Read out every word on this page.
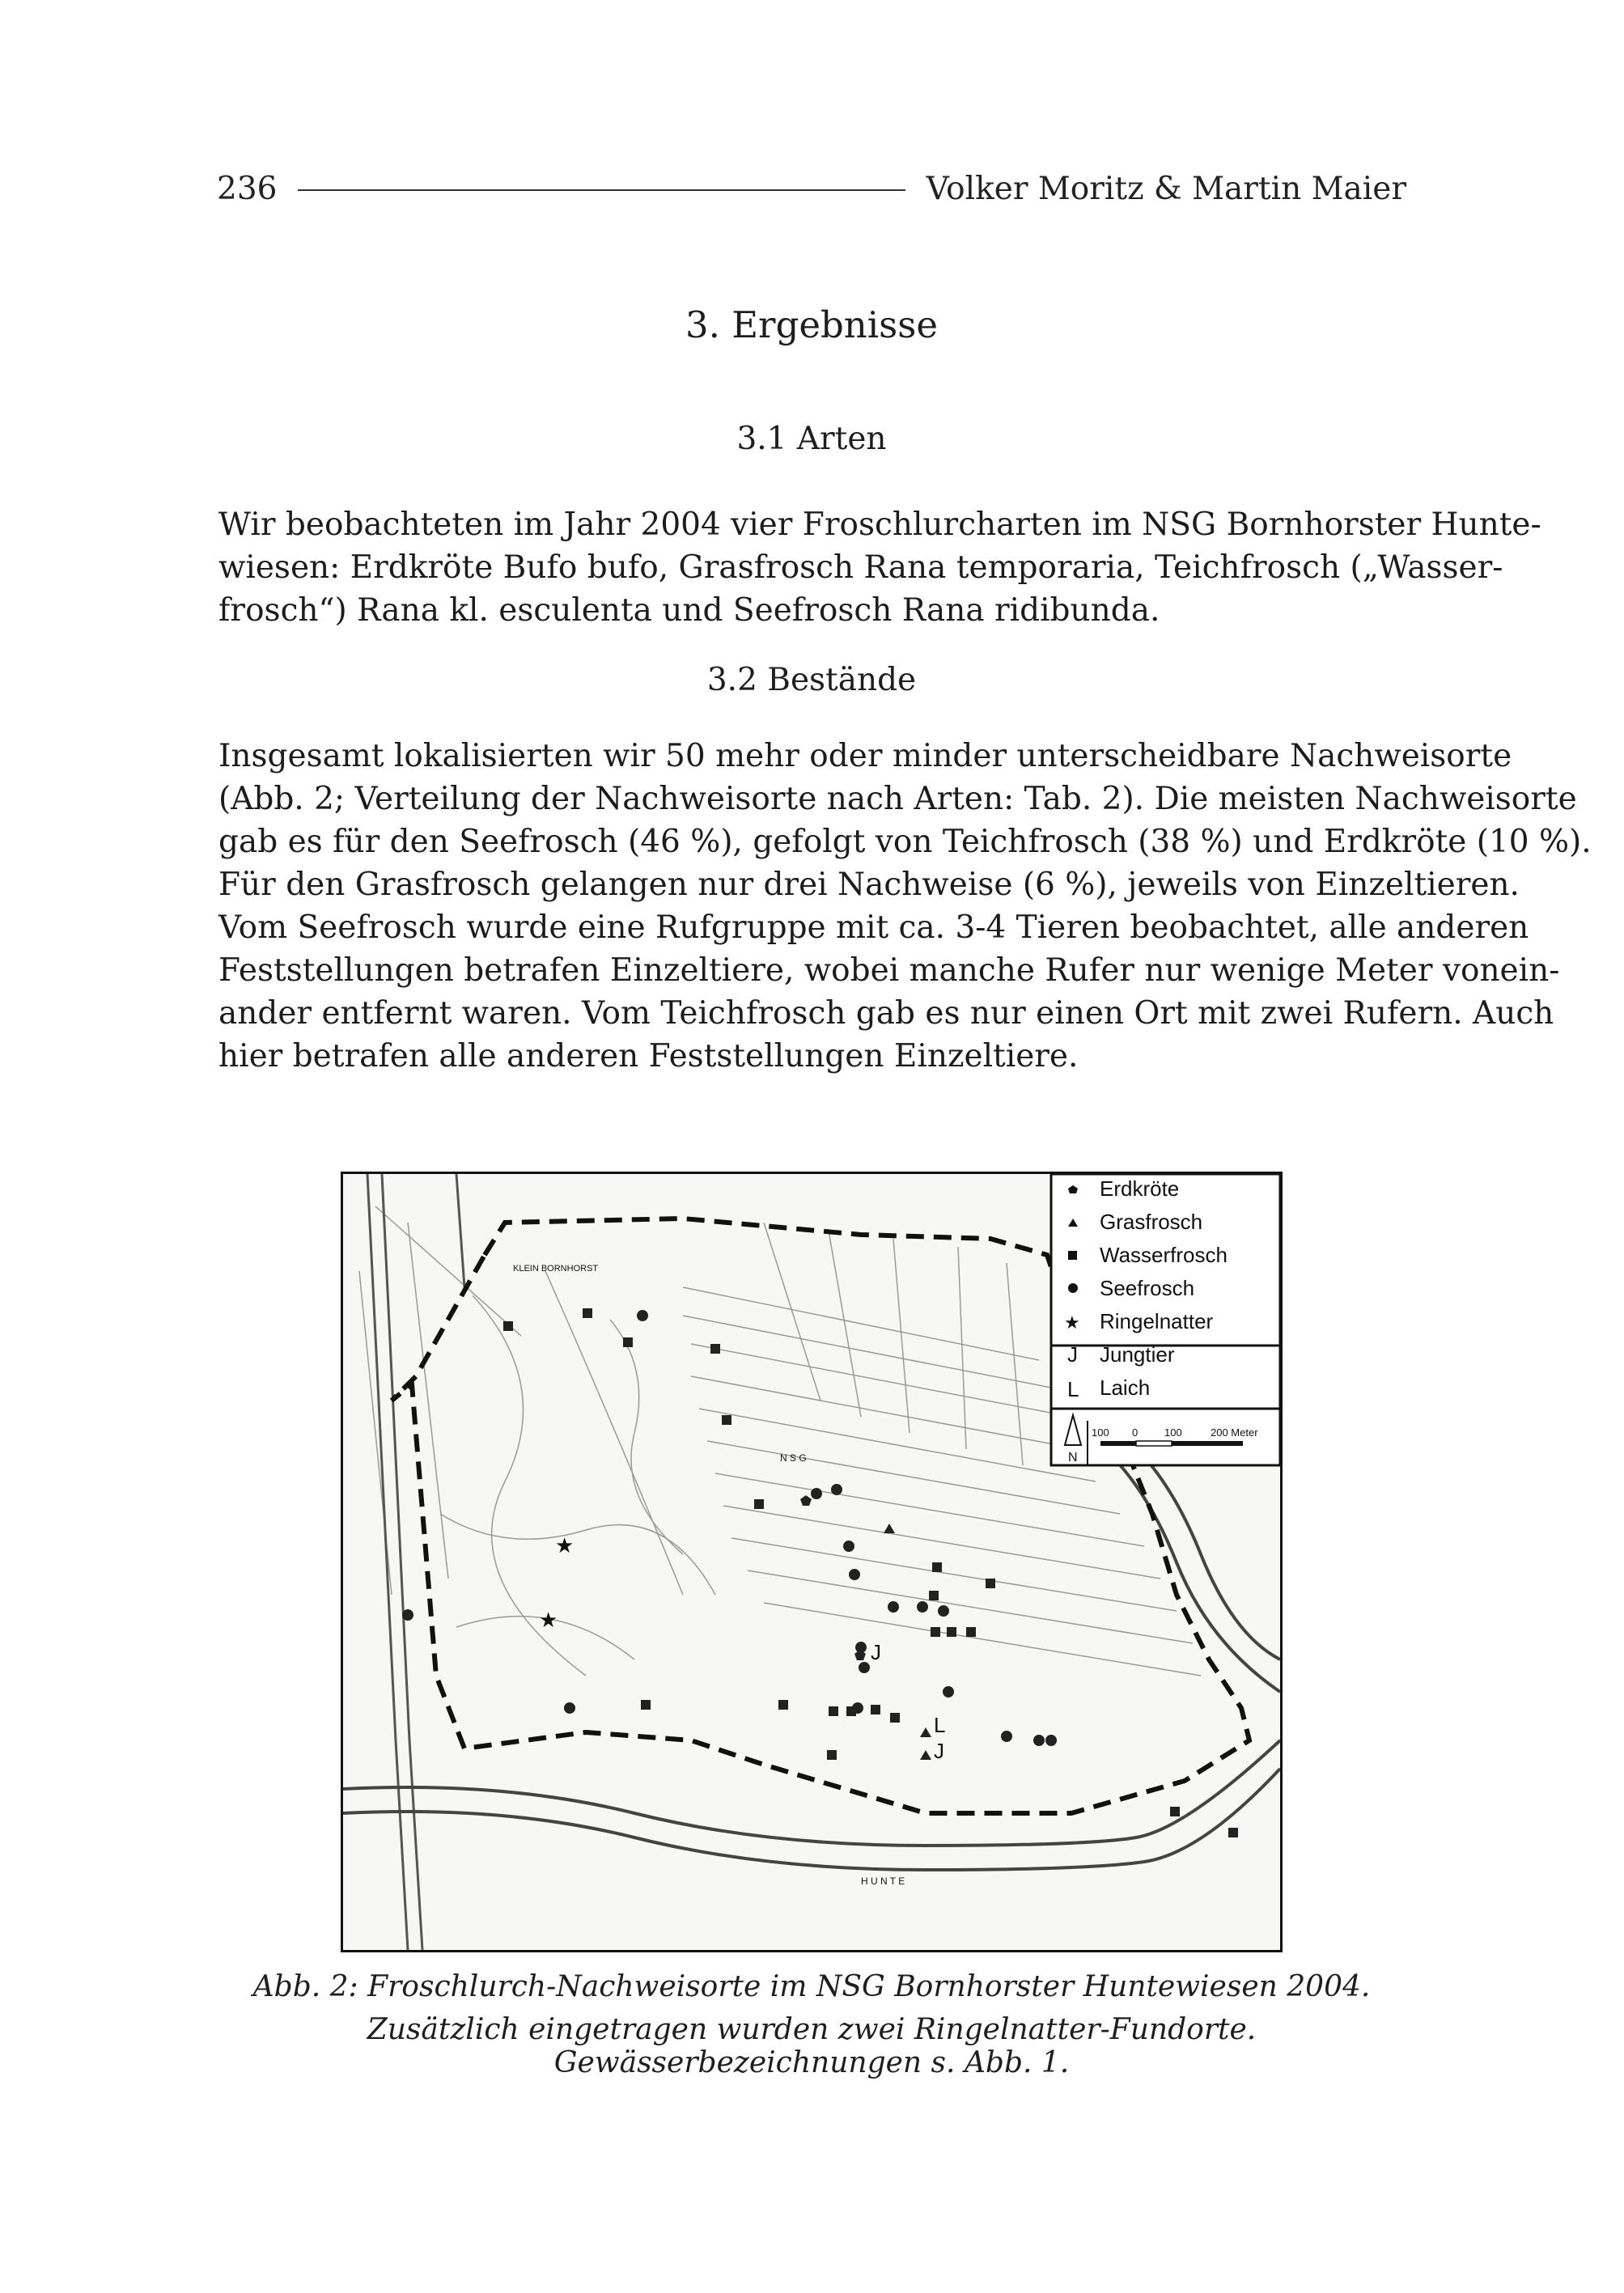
236	Volker Moritz & Martin Maier
3. Ergebnisse
3.1 Arten
Wir beobachteten im Jahr 2004 vier Froschlurcharten im NSG Bornhorster Hunte-
wiesen: Erdkröte Bufo bufo, Grasfrosch Rana temporaria, Teichfrosch („Wasser-
frosch“) Rana kl. esculenta und Seefrosch Rana ridibunda.
3.2 Bestände
Insgesamt lokalisierten wir 50 mehr oder minder unterscheidbare Nachweisorte
(Abb. 2; Verteilung der Nachweisorte nach Arten: Tab. 2). Die meisten Nachweisorte
gab es für den Seefrosch (46 %), gefolgt von Teichfrosch (38 %) und Erdkröte (10 %).
Für den Grasfrosch gelangen nur drei Nachweise (6 %), jeweils von Einzeltieren.
Vom Seefrosch wurde eine Rufgruppe mit ca. 3-4 Tieren beobachtet, alle anderen
Feststellungen betrafen Einzeltiere, wobei manche Rufer nur wenige Meter vonein-
ander entfernt waren. Vom Teichfrosch gab es nur einen Ort mit zwei Rufern. Auch
hier betrafen alle anderen Feststellungen Einzeltiere.
KLEIN BORNHORST
N S G
H U N T E
★
★
J
L
J
★
J
L
Erdkröte
Grasfrosch
Wasserfrosch
Seefrosch
Ringelnatter
Jungtier
Laich
N
100 0	100	200 Meter
Abb. 2: Froschlurch-Nachweisorte im NSG Bornhorster Huntewiesen 2004.
Zusätzlich eingetragen wurden zwei Ringelnatter-Fundorte. Gewässerbezeichnungen s. Abb. 1.
